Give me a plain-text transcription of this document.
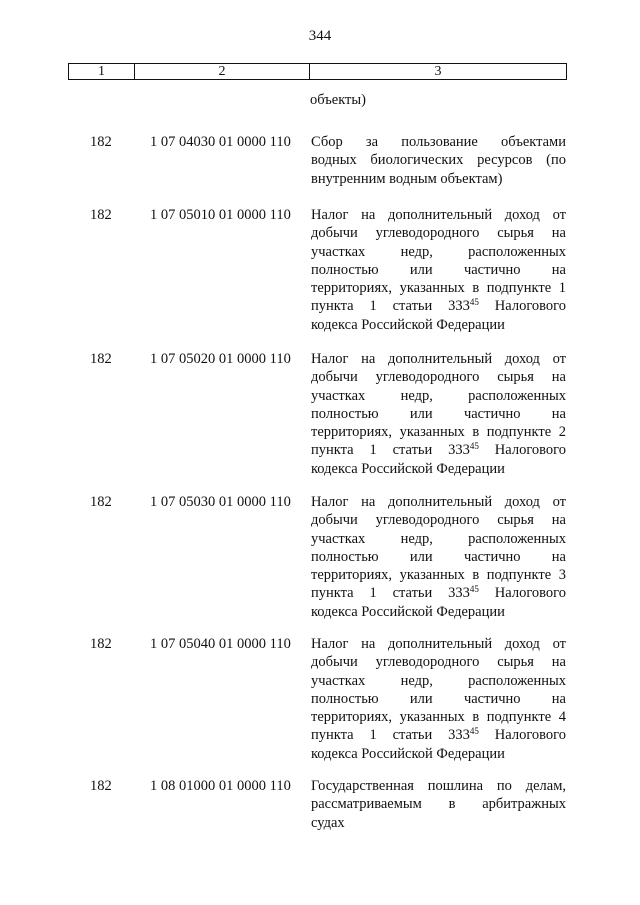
344
1	2	3
объекты)
182	1 07 04030 01 0000 110 Сбор за пользование объектами
водных биологических ресурсов (по
внутренним водным объектам)
182	1 07 05010 01 0000 110 Налог на дополнительный доход от
добычи углеводородного сырья на
участках недр, расположенных
полностью или частично на
территориях, указанных в подпункте 1
пункта 1 статьи $333^{45}$ Налогового
кодекса Российской Федерации
182	1 07 05020 01 0000 110 Налог на дополнительный доход от
добычи углеводородного сырья на
участках недр, расположенных
полностью или частично на
территориях, указанных в подпункте 2
пункта 1 статьи $333^{45}$ Налогового
кодекса Российской Федерации
182	1 07 05030 01 0000 110 Налог на дополнительный доход от
добычи углеводородного сырья на
участках недр, расположенных
полностью или частично на
территориях, указанных в подпункте 3
пункта 1 статьи $333^{45}$ Налогового
кодекса Российской Федерации
182	1 07 05040 01 0000 110 Налог на дополнительный доход от
добычи углеводородного сырья на
участках недр, расположенных
полностью или частично на
территориях, указанных в подпункте 4
пункта 1 статьи $333^{45}$ Налогового
кодекса Российской Федерации
182	1 08 01000 01 0000 110 Государственная пошлина по делам,
рассматриваемым в арбитражных
судах
